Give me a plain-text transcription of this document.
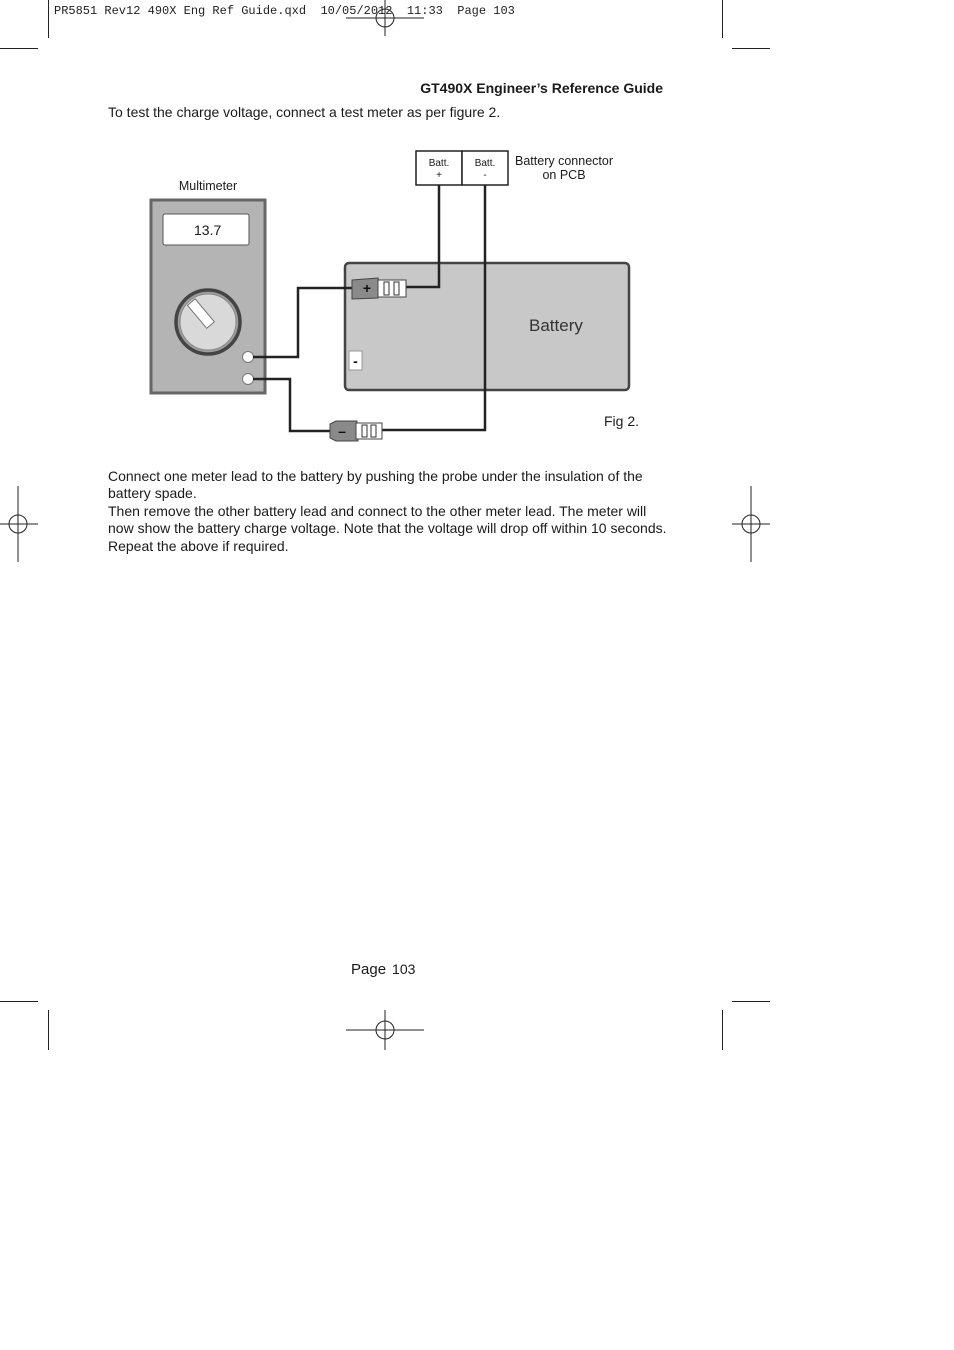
PR5851 Rev12 490X Eng Ref Guide.qxd  10/05/2012  11:33  Page 103
GT490X Engineer’s Reference Guide
To test the charge voltage, connect a test meter as per figure 2.
Multimeter
13.7
Batt.
+
Batt.
-
Battery connector
on PCB
Battery
+
-
–
Fig 2.

Connect one meter lead to the battery by pushing the probe under the insulation of the battery spade.

Then remove the other battery lead and connect to the other meter lead. The meter will now show the battery charge voltage. Note that the voltage will drop off within 10 seconds. Repeat the above if required.

Page 103
